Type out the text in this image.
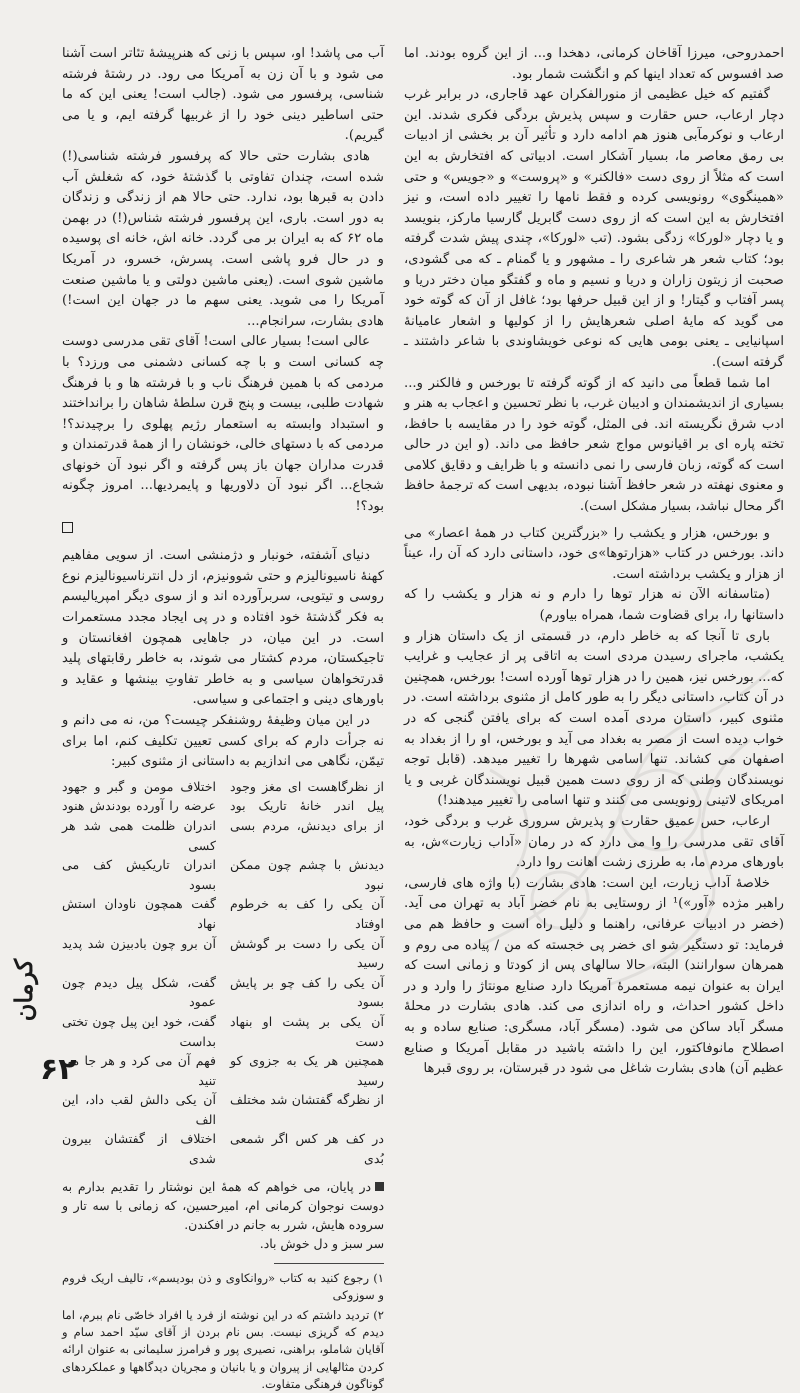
احمدروحی، میرزا آقاخان کرمانی، دهخدا و... از این گروه بودند. اما صد افسوس که تعداد اینها کم و انگشت شمار بود.

گفتیم که خیل عظیمی از منورالفکران عهد قاجاری، در برابر غرب دچار ارعاب، حس حقارت و سپس پذیرش بردگی فکری شدند. این ارعاب و نوکرمآبی هنوز هم ادامه دارد و تأثیر آن بر بخشی از ادبیات بی رمق معاصر ما، بسیار آشکار است. ادبیاتی که افتخارش به این است که مثلاً از روی دست «فالکنر» و «پروست» و «جویس» و حتی «همینگوی» رونویسی کرده و فقط نامها را تغییر داده است، و نیز افتخارش به این است که از روی دست گابریل گارسیا مارکز، بنویسد و یا دچار «لورکا» زدگی بشود. (تب «لورکا»، چندی پیش شدت گرفته بود؛ کتاب شعر هر شاعری را ـ مشهور و یا گمنام ـ که می گشودی، صحبت از زیتون زاران و دریا و نسیم و ماه و گفتگو میان دختر دریا و پسر آفتاب و گیتار! و از این قبیل حرفها بود؛ غافل از آن که گوته خود می گوید که مایهٔ اصلی شعرهایش را از کولیها و اشعار عامیانهٔ اسپانیایی ـ یعنی بومی هایی که نوعی خویشاوندی با شاعر داشتند ـ گرفته است).

اما شما قطعاً می دانید که از گوته گرفته تا بورخس و فالکنر و... بسیاری از اندیشمندان و ادیبان غرب، با نظر تحسین و اعجاب به هنر و ادب شرق نگریسته اند. فی المثل، گوته خود را در مقایسه با حافظ، تخته پاره ای بر اقیانوس مواج شعر حافظ می داند. (و این در حالی است که گوته، زبان فارسی را نمی دانسته و با ظرایف و دقایق کلامی و معنوی نهفته در شعر حافظ آشنا نبوده، بدیهی است که ترجمهٔ حافظ اگر محال نباشد، بسیار مشکل است).

و بورخس، هزار و یکشب را «بزرگترین کتاب در همهٔ اعصار» می داند. بورخس در کتاب «هزارتوها»ی خود، داستانی دارد که آن را، عیناً از هزار و یکشب برداشته است.

(متاسفانه الآن نه هزار توها را دارم و نه هزار و یکشب را که داستانها را، برای قضاوت شما، همراه بیاورم)

باری تا آنجا که به خاطر دارم، در قسمتی از یک داستان هزار و یکشب، ماجرای رسیدن مردی است به اتاقی پر از عجایب و غرایب که... بورخس نیز، همین را در هزار توها آورده است! بورخس، همچنین در آن کتاب، داستانی دیگر را به طور کامل از مثنوی برداشته است. در مثنوی کبیر، داستان مردی آمده است که برای یافتن گنجی که در خواب دیده است از مصر به بغداد می آید و بورخس، او را از بغداد به اصفهان می کشاند. تنها اسامی شهرها را تغییر میدهد. (قابل توجه نویسندگان وطنی که از روی دست همین قبیل نویسندگان غربی و یا امریکای لاتینی رونویسی می کنند و تنها اسامی را تغییر میدهند!)

ارعاب، حس عمیق حقارت و پذیرش سروری غرب و بردگی خود، آقای تقی مدرسی را وا می دارد که در رمان «آداب زیارت»ش، به باورهای مردم ما، به طرزی زشت اهانت روا دارد.

خلاصهٔ آداب زیارت، این است: هادی بشارت (با واژه های فارسی، راهبر مژده «آور»)¹ از روستایی به نام خضر آباد به تهران می آید. (خضر در ادبیات عرفانی، راهنما و دلیل راه است و حافظ هم می فرماید: تو دستگیر شو ای خضر پی خجسته که من / پیاده می روم و همرهان سوارانند) البته، حالا سالهای پس از کودتا و زمانی است که ایران به عنوان نیمه مستعمرهٔ آمریکا دارد صنایع مونتاژ را وارد و در داخل کشور احداث، و راه اندازی می کند. هادی بشارت در محلهٔ مسگر آباد ساکن می شود. (مسگر آباد، مسگری: صنایع ساده و به اصطلاح مانوفاکتور، این را داشته باشید در مقابل آمریکا و صنایع عظیم آن) هادی بشارت شاغل می شود در قبرستان، بر روی قبرها

آب می پاشد! او، سپس با زنی که هنرپیشهٔ تئاتر است آشنا می شود و با آن زن به آمریکا می رود. در رشتهٔ فرشته شناسی، پرفسور می شود. (جالب است! یعنی این که ما حتی اساطیر دینی خود را از غربیها گرفته ایم، و یا می گیریم).

هادی بشارت حتی حالا که پرفسور فرشته شناسی(!) شده است، چندان تفاوتی با گذشتهٔ خود، که شغلش آب دادن به قبرها بود، ندارد. حتی حالا هم از زندگی و زندگان به دور است. باری، این پرفسور فرشته شناس(!) در بهمن ماه ۶۲ که به ایران بر می گردد. خانه اش، خانه ای پوسیده و در حال فرو پاشی است. پسرش، خسرو، در آمریکا ماشین شوی است. (یعنی ماشین دولتی و یا ماشین صنعت آمریکا را می شوید. یعنی سهم ما در جهان این است!) هادی بشارت، سرانجام...

عالی است! بسیار عالی است! آقای تقی مدرسی دوست چه کسانی است و با چه کسانی دشمنی می ورزد؟ با مردمی که با همین فرهنگ ناب و با فرشته ها و با فرهنگ شهادت طلبی، بیست و پنج قرن سلطهٔ شاهان را برانداختند و استبداد وابسته به استعمار رژیم پهلوی را برچیدند؟! مردمی که با دستهای خالی، خونشان را از همهٔ قدرتمندان و قدرت مداران جهان باز پس گرفته و اگر نبود آن خونهای شجاع... اگر نبود آن دلاوریها و پایمردیها... امروز چگونه بود؟!

دنیای آشفته، خونبار و دژمنشی است. از سویی مفاهیم کهنهٔ ناسیونالیزم و حتی شوونیزم، از دل انترناسیونالیزم نوع روسی و تیتویی، سربرآورده اند و از سوی دیگر امپریالیسم به فکر گذشتهٔ خود افتاده و در پی ایجاد مجدد مستعمرات است. در این میان، در جاهایی همچون افغانستان و تاجیکستان، مردم کشتار می شوند، به خاطر رقابتهای پلید قدرتخواهان سیاسی و به خاطر تفاوتِ بینشها و عقاید و باورهای دینی و اجتماعی و سیاسی.

در این میان وظیفهٔ روشنفکر چیست؟ من، نه می دانم و نه جرأت دارم که برای کسی تعیین تکلیف کنم، اما برای تیمّن، نگاهی می اندازیم به داستانی از مثنوی کبیر:

از نظرگاهست ای مغز وجود
اختلاف مومن و گبر و جهود
پیل اندر خانهٔ تاریک بود
عرضه را آورده بودندش هنود
از برای دیدنش، مردم بسی
اندران ظلمت همی شد هر کسی
دیدنش با چشم چون ممکن نبود
اندران تاریکیش کف می بسود
آن یکی را کف به خرطوم اوفتاد
گفت همچون ناودان استش نهاد
آن یکی را دست بر گوشش رسید
آن برو چون بادبیزن شد پدید
آن یکی را کف چو بر پایش بسود
گفت، شکل پیل دیدم چون عمود
آن یکی بر پشت او بنهاد دست
گفت، خود این پیل چون تختی بداست
همچنین هر یک به جزوی کو رسید
فهم آن می کرد و هر جا می تنید
از نظرگه گفتشان شد مختلف
آن یکی دالش لقب داد، این الف
در کف هر کس اگر شمعی بُدی
اختلاف از گفتشان بیرون شدی
در پایان، می خواهم که همهٔ این نوشتار را تقدیم بدارم به دوست نوجوان کرمانی ام، امیرحسین، که زمانی با سه تار و سروده هایش، شرر به جانم در افکندن.
سر سبز و دل خوش باد.

۱) رجوع کنید به کتاب «روانکاوی و ذن بودیسم»، تالیف اریک فروم و سوزوکی

۲) تردید داشتم که در این نوشته از فرد یا افراد خاصّی نام ببرم، اما دیدم که گریزی نیست. بس نام بردن از آقای سیّد احمد سام و آقایان شاملو، براهنی، نصیری پور و فرامرز سلیمانی به عنوان ارائه کردن مثالهایی از پیروان و یا بانیان و مجریان دیدگاهها و عملکردهای گوناگون فرهنگی متفاوت.

کرمان
۶۲
